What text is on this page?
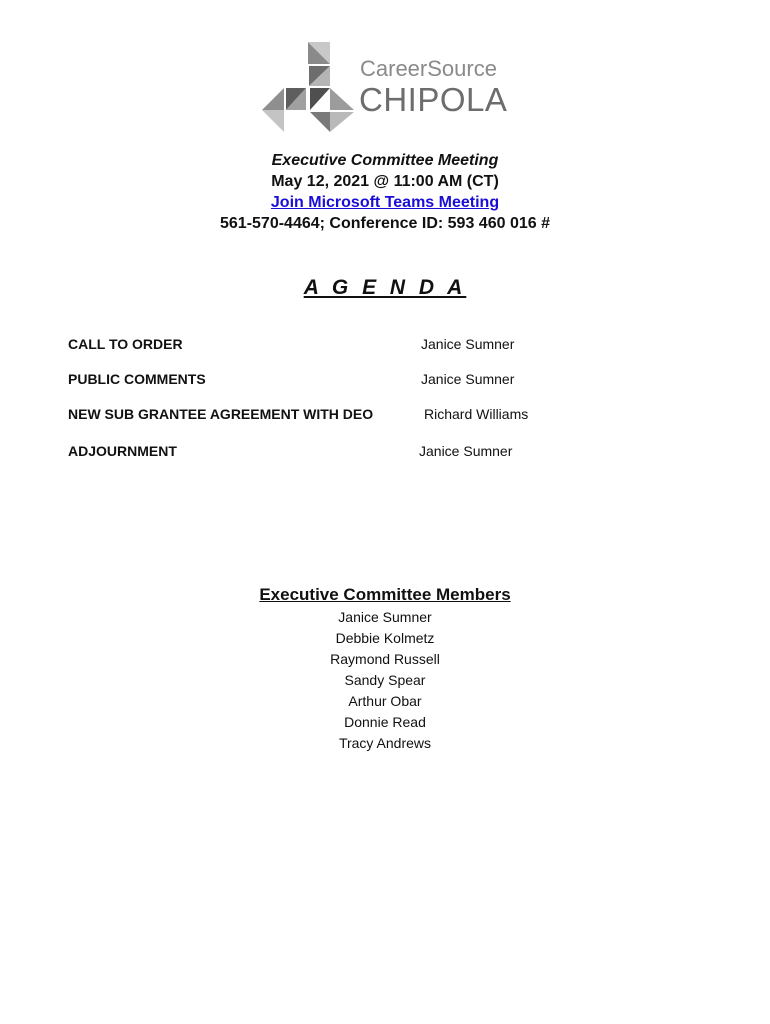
CareerSource
CHIPOLA
Executive Committee Meeting
May 12, 2021 @ 11:00 AM (CT)
Join Microsoft Teams Meeting
561-570-4464; Conference ID: 593 460 016 #
A G E N D A
CALL TO ORDER	Janice Sumner
PUBLIC COMMENTS	Janice Sumner
NEW SUB GRANTEE AGREEMENT WITH DEO	Richard Williams
ADJOURNMENT	Janice Sumner
Executive Committee Members
Janice Sumner
Debbie Kolmetz
Raymond Russell
Sandy Spear
Arthur Obar
Donnie Read
Tracy Andrews
